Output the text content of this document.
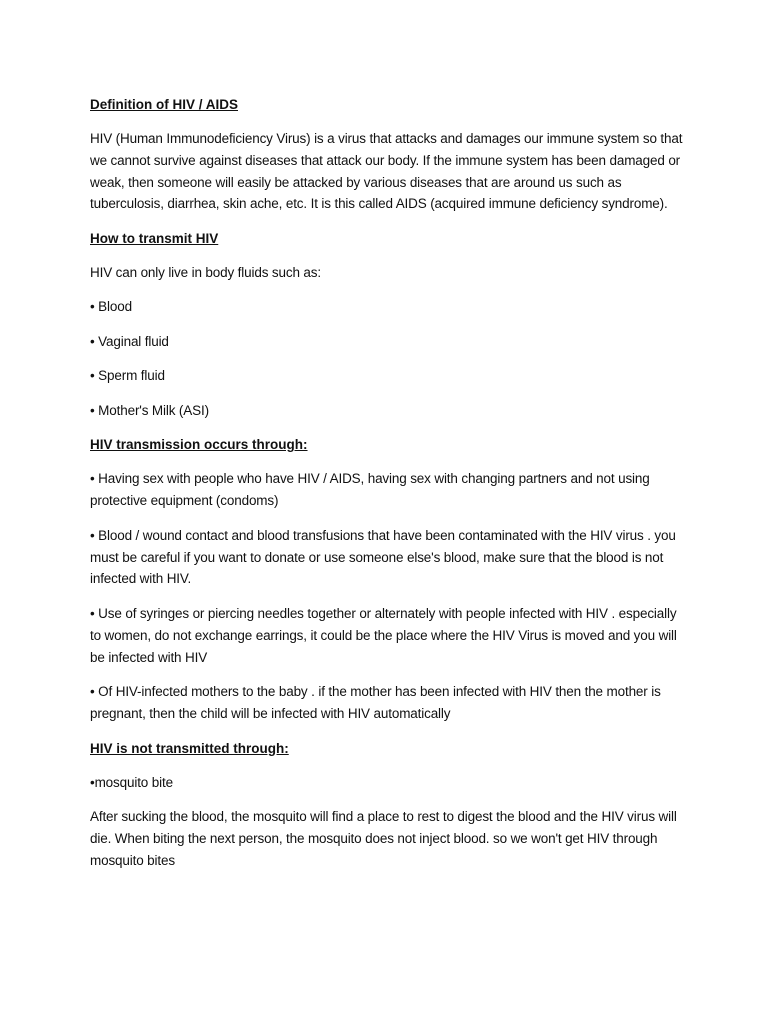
Definition of HIV / AIDS
HIV (Human Immunodeficiency Virus) is a virus that attacks and damages our immune system so that we cannot survive against diseases that attack our body. If the immune system has been damaged or weak, then someone will easily be attacked by various diseases that are around us such as tuberculosis, diarrhea, skin ache, etc. It is this called AIDS (acquired immune deficiency syndrome).
How to transmit HIV
HIV can only live in body fluids such as:
• Blood
• Vaginal fluid
• Sperm fluid
• Mother's Milk (ASI)
HIV transmission occurs through:
• Having sex with people who have HIV / AIDS, having sex with changing partners and not using protective equipment (condoms)
• Blood / wound contact and blood transfusions that have been contaminated with the HIV virus . you must be careful if you want to donate or use someone else's blood, make sure that the blood is not infected with HIV.
• Use of syringes or piercing needles together or alternately with people infected with HIV . especially to women, do not exchange earrings, it could be the place where the HIV Virus is moved and you will be infected with HIV
• Of HIV-infected mothers to the baby . if the mother has been infected with HIV then the mother is pregnant, then the child will be infected with HIV automatically
HIV is not transmitted through:
•mosquito bite
After sucking the blood, the mosquito will find a place to rest to digest the blood and the HIV virus will die. When biting the next person, the mosquito does not inject blood. so we won't get HIV through mosquito bites
